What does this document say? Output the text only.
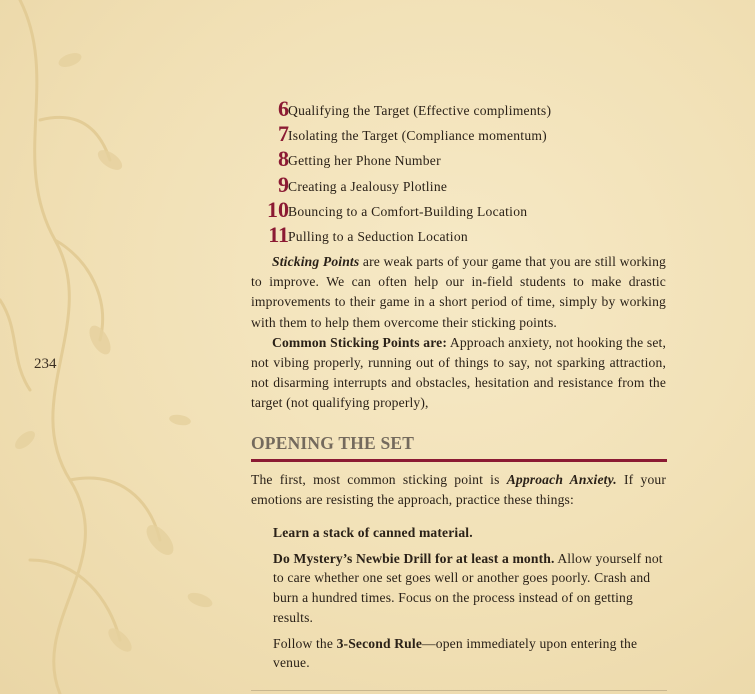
234
6 Qualifying the Target (Effective compliments)
7 Isolating the Target (Compliance momentum)
8 Getting her Phone Number
9 Creating a Jealousy Plotline
10 Bouncing to a Comfort-Building Location
11 Pulling to a Seduction Location

Sticking Points are weak parts of your game that you are still working to improve. We can often help our in-field students to make drastic improvements to their game in a short period of time, simply by working with them to help them overcome their sticking points.

Common Sticking Points are: Approach anxiety, not hooking the set, not vibing properly, running out of things to say, not sparking attraction, not disarming interrupts and obstacles, hesitation and resistance from the target (not qualifying properly),

OPENING THE SET

The first, most common sticking point is Approach Anxiety. If your emotions are resisting the approach, practice these things:

Learn a stack of canned material.

Do Mystery’s Newbie Drill for at least a month. Allow yourself not to care whether one set goes well or another goes poorly. Crash and burn a hundred times. Focus on the process instead of on getting results.

Follow the 3-Second Rule—open immediately upon entering the venue.
